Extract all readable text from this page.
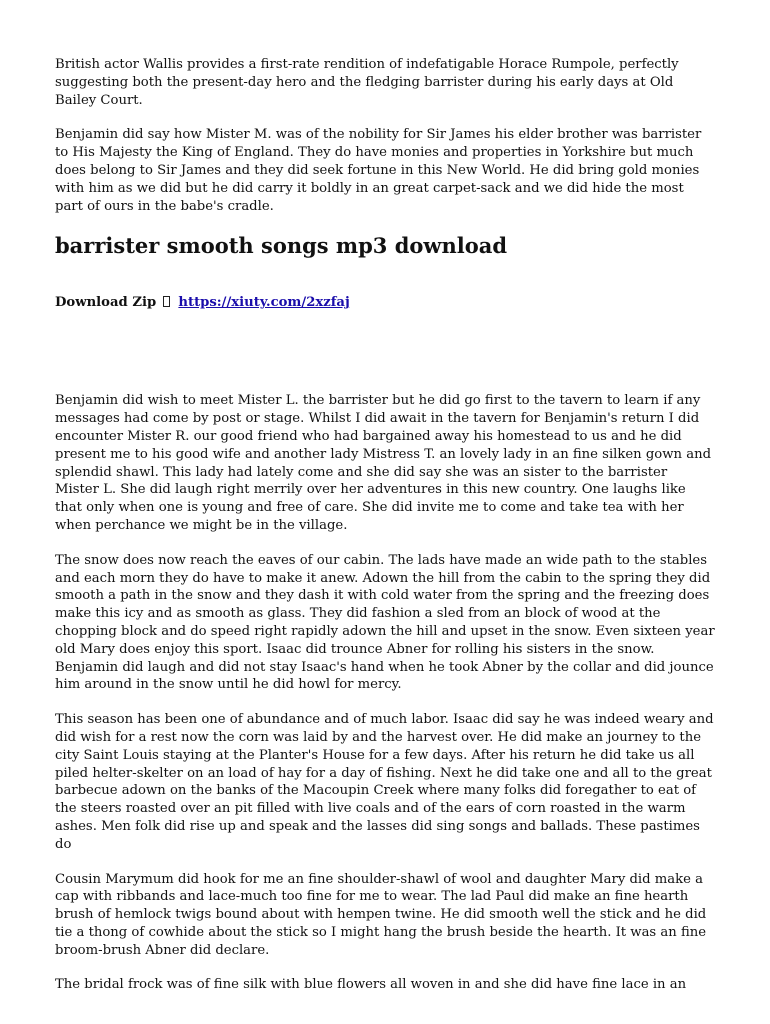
British actor Wallis provides a first-rate rendition of indefatigable Horace Rumpole, perfectly suggesting both the present-day hero and the fledging barrister during his early days at Old Bailey Court.

Benjamin did say how Mister M. was of the nobility for Sir James his elder brother was barrister to His Majesty the King of England. They do have monies and properties in Yorkshire but much does belong to Sir James and they did seek fortune in this New World. He did bring gold monies with him as we did but he did carry it boldly in an great carpet-sack and we did hide the most part of ours in the babe's cradle.

barrister smooth songs mp3 download
Download Zip https://xiuty.com/2xzfaj

Benjamin did wish to meet Mister L. the barrister but he did go first to the tavern to learn if any messages had come by post or stage. Whilst I did await in the tavern for Benjamin's return I did encounter Mister R. our good friend who had bargained away his homestead to us and he did present me to his good wife and another lady Mistress T. an lovely lady in an fine silken gown and splendid shawl. This lady had lately come and she did say she was an sister to the barrister Mister L. She did laugh right merrily over her adventures in this new country. One laughs like that only when one is young and free of care. She did invite me to come and take tea with her when perchance we might be in the village.

The snow does now reach the eaves of our cabin. The lads have made an wide path to the stables and each morn they do have to make it anew. Adown the hill from the cabin to the spring they did smooth a path in the snow and they dash it with cold water from the spring and the freezing does make this icy and as smooth as glass. They did fashion a sled from an block of wood at the chopping block and do speed right rapidly adown the hill and upset in the snow. Even sixteen year old Mary does enjoy this sport. Isaac did trounce Abner for rolling his sisters in the snow. Benjamin did laugh and did not stay Isaac's hand when he took Abner by the collar and did jounce him around in the snow until he did howl for mercy.

This season has been one of abundance and of much labor. Isaac did say he was indeed weary and did wish for a rest now the corn was laid by and the harvest over. He did make an journey to the city Saint Louis staying at the Planter's House for a few days. After his return he did take us all piled helter-skelter on an load of hay for a day of fishing. Next he did take one and all to the great barbecue adown on the banks of the Macoupin Creek where many folks did foregather to eat of the steers roasted over an pit filled with live coals and of the ears of corn roasted in the warm ashes. Men folk did rise up and speak and the lasses did sing songs and ballads. These pastimes do

Cousin Marymum did hook for me an fine shoulder-shawl of wool and daughter Mary did make a cap with ribbands and lace-much too fine for me to wear. The lad Paul did make an fine hearth brush of hemlock twigs bound about with hempen twine. He did smooth well the stick and he did tie a thong of cowhide about the stick so I might hang the brush beside the hearth. It was an fine broom-brush Abner did declare.

The bridal frock was of fine silk with blue flowers all woven in and she did have fine lace in an
